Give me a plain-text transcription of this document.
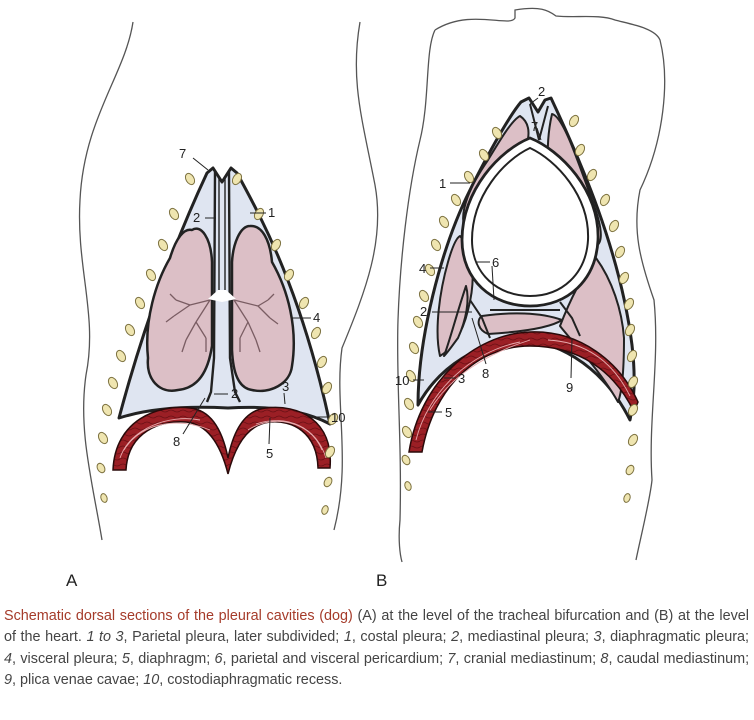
7
2	1
4
2	3
10
8
5
A
2
7
1
6
4
2
8
9
10	3
5
B

Schematic dorsal sections of the pleural cavities (dog) (A) at the level of the tracheal bifurcation and (B) at the level of the heart. 1 to 3, Parietal pleura, later subdivided; 1, costal pleura; 2, mediastinal pleura; 3, diaphragmatic pleura; 4, visceral pleura; 5, diaphragm; 6, parietal and visceral pericardium; 7, cranial mediastinum; 8, caudal mediastinum; 9, plica venae cavae; 10, costodiaphragmatic recess.
